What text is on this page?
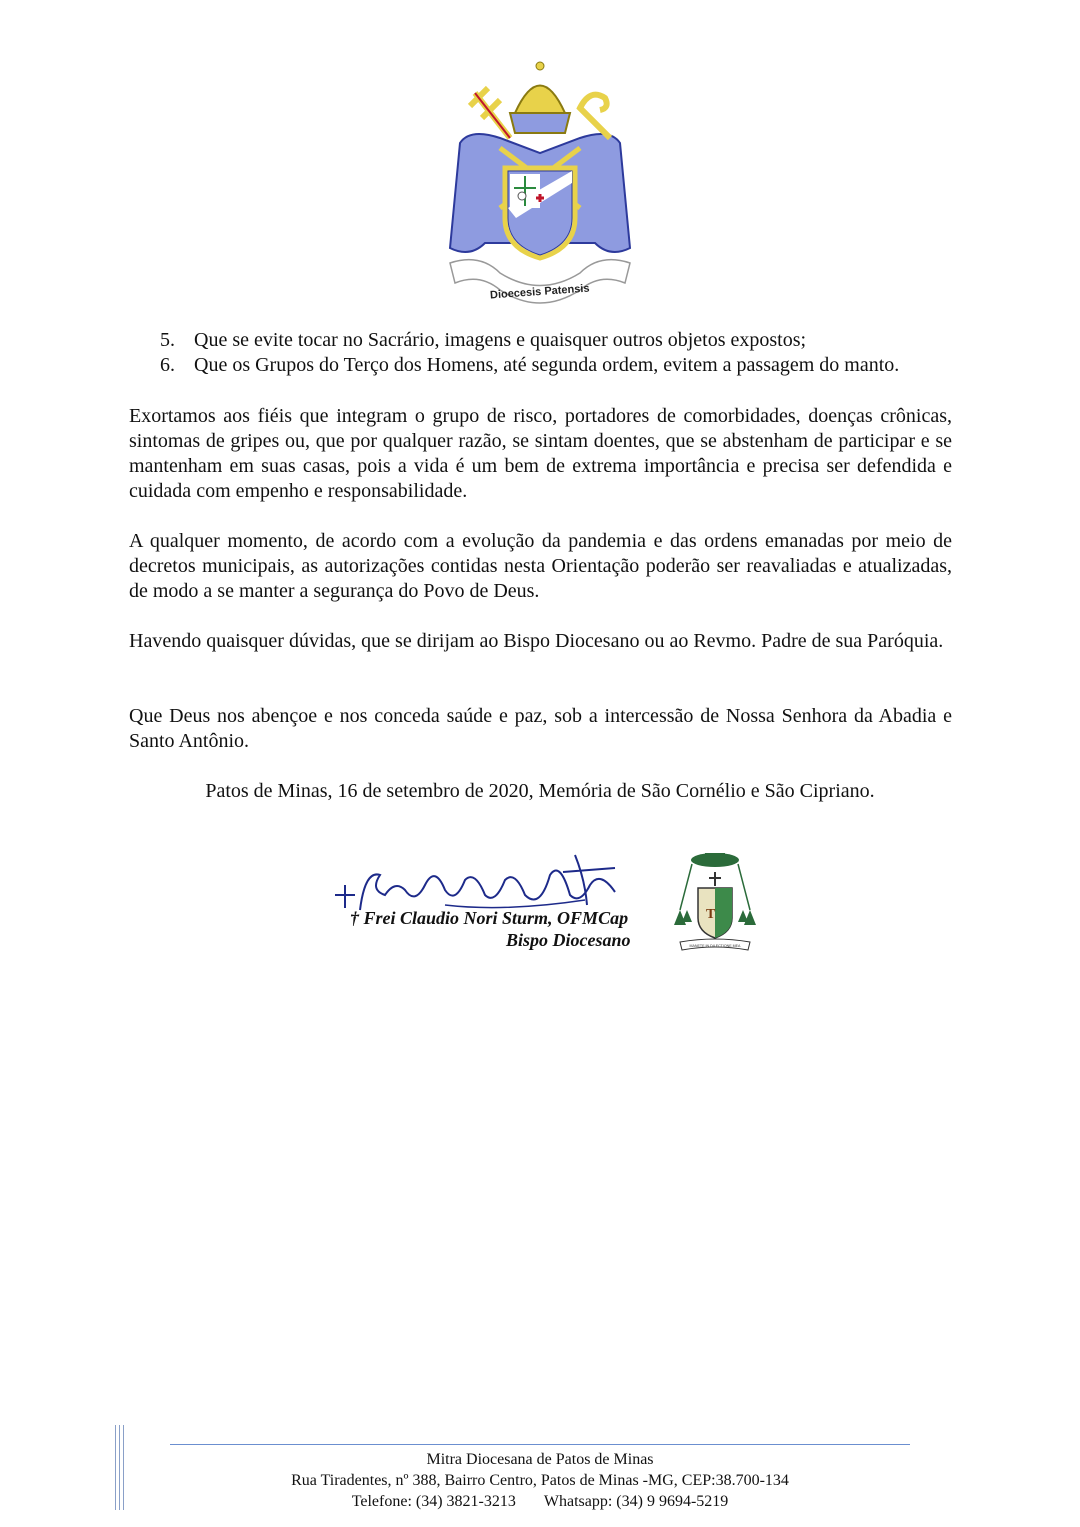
Dioecesis Patensis
5. Que se evite tocar no Sacrário, imagens e quaisquer outros objetos expostos;
6. Que os Grupos do Terço dos Homens, até segunda ordem, evitem a passagem do manto.

Exortamos aos fiéis que integram o grupo de risco, portadores de comorbidades, doenças crônicas, sintomas de gripes ou, que por qualquer razão, se sintam doentes, que se abstenham de participar e se mantenham em suas casas, pois a vida é um bem de extrema importância e precisa ser defendida e cuidada com empenho e responsabilidade.

A qualquer momento, de acordo com a evolução da pandemia e das ordens emanadas por meio de decretos municipais, as autorizações contidas nesta Orientação poderão ser reavaliadas e atualizadas, de modo a se manter a segurança do Povo de Deus.

Havendo quaisquer dúvidas, que se dirijam ao Bispo Diocesano ou ao Revmo. Padre de sua Paróquia.

Que Deus nos abençoe e nos conceda saúde e paz, sob a intercessão de Nossa Senhora da Abadia e Santo Antônio.

Patos de Minas, 16 de setembro de 2020, Memória de São Cornélio e São Cipriano.
† Frei Claudio Nori Sturm, OFMCap
Bispo Diocesano
T
MANETE IN DILECTIONE MEA
Mitra Diocesana de Patos de Minas
Rua Tiradentes, nº 388, Bairro Centro, Patos de Minas -MG, CEP:38.700-134
Telefone: (34) 3821-3213 Whatsapp: (34) 9 9694-5219
